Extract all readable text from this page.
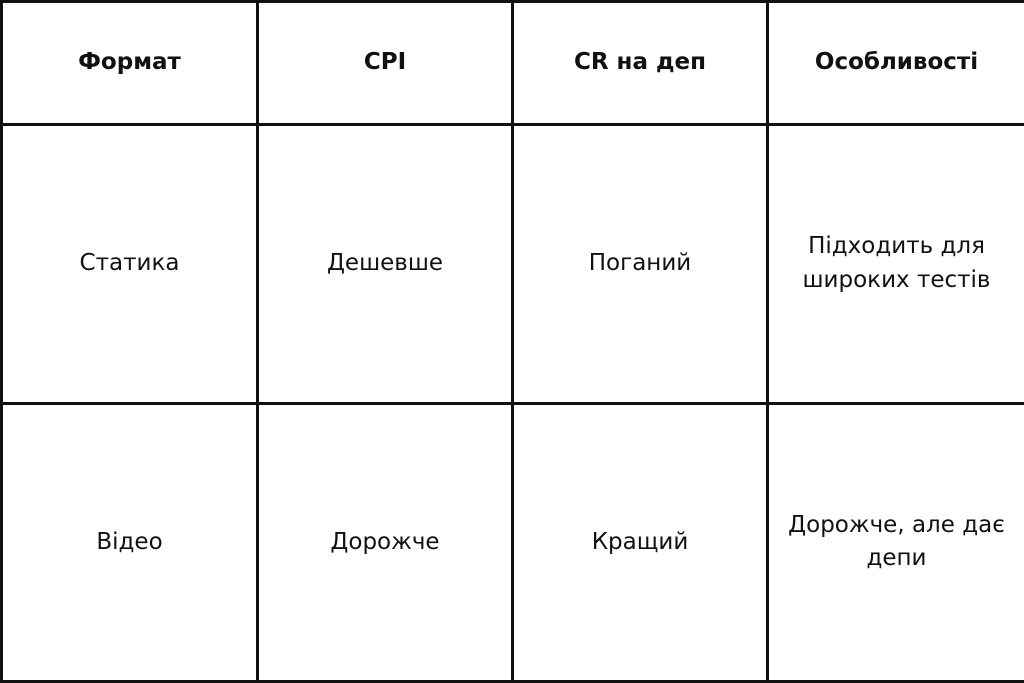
Формат	CPI	CR на деп	Особливості
Статика	Дешевше	Поганий	Підходить для широких тестів
Відео	Дорожче	Кращий	Дорожче, але дає депи
